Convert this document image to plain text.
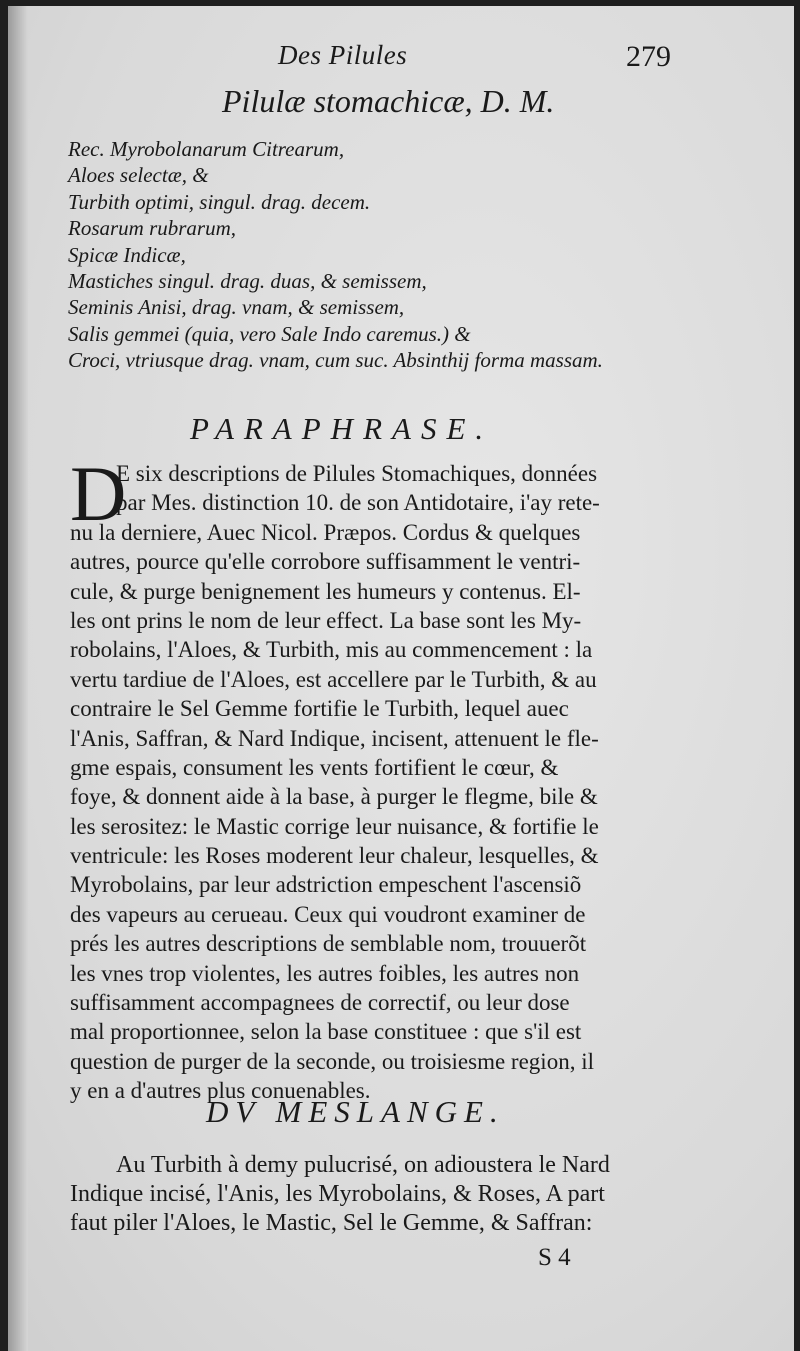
Des Pilules	279
Pilulæ stomachicæ, D. M.
Rec. Myrobolanarum Citrearum,
Aloes selectæ, &
Turbith optimi, singul. drag. decem.
Rosarum rubrarum,
Spicæ Indicæ,
Mastiches singul. drag. duas, & semissem,
Seminis Anisi, drag. vnam, & semissem,
Salis gemmei (quia, vero Sale Indo caremus.) &
Croci, vtriusque drag. vnam, cum suc. Absinthij forma massam.
PARAPHRASE.
D
E six descriptions de Pilules Stomachiques, données
par Mes. distinction 10. de son Antidotaire, i'ay rete-
nu la derniere, Auec Nicol. Præpos. Cordus & quelques
autres, pource qu'elle corrobore suffisamment le ventri-
cule, & purge benignement les humeurs y contenus. El-
les ont prins le nom de leur effect. La base sont les My-
robolains, l'Aloes, & Turbith, mis au commencement : la
vertu tardiue de l'Aloes, est accellere par le Turbith, & au
contraire le Sel Gemme fortifie le Turbith, lequel auec
l'Anis, Saffran, & Nard Indique, incisent, attenuent le fle-
gme espais, consument les vents fortifient le cœur, &
foye, & donnent aide à la base, à purger le flegme, bile &
les serositez: le Mastic corrige leur nuisance, & fortifie le
ventricule: les Roses moderent leur chaleur, lesquelles, &
Myrobolains, par leur adstriction empeschent l'ascensiõ
des vapeurs au cerueau. Ceux qui voudront examiner de
prés les autres descriptions de semblable nom, trouuerõt
les vnes trop violentes, les autres foibles, les autres non
suffisamment accompagnees de correctif, ou leur dose
mal proportionnee, selon la base constituee : que s'il est
question de purger de la seconde, ou troisiesme region, il
y en a d'autres plus conuenables.
DV MESLANGE.
Au Turbith à demy pulucrisé, on adioustera le Nard
Indique incisé, l'Anis, les Myrobolains, & Roses, A part
faut piler l'Aloes, le Mastic, Sel le Gemme, & Saffran:
S 4
